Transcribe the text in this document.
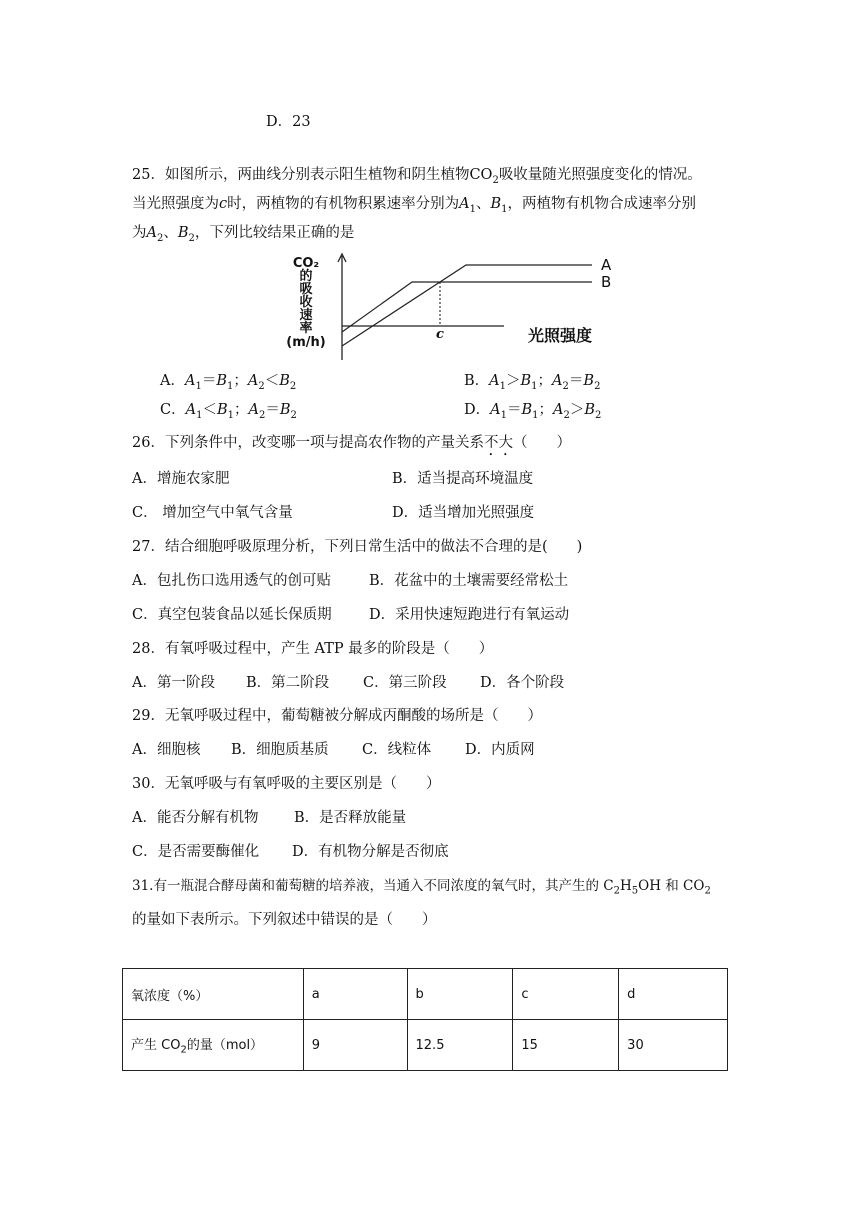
D．23
25．如图所示，两曲线分别表示阳生植物和阴生植物$CO_2$吸收量随光照强度变化的情况。
当光照强度为c时，两植物的有机物积累速率分别为$A_1$、$B_1$，两植物有机物合成速率分别
为$A_2$、$B_2$，下列比较结果正确的是
CO₂
的
吸
收
速
率
(m/h)	光照强度
A
B
c
A．$A_1=B_1$；$A_2<B_2$	B．$A_1>B_1$；$A_2=B_2$
C．$A_1<B_1$；$A_2=B_2$	D．$A_1=B_1$；$A_2>B_2$
26．下列条件中，改变哪一项与提高农作物的产量关系不大（　　）
A．增施农家肥	B．适当提高环境温度
C． 增加空气中氧气含量	D．适当增加光照强度
27．结合细胞呼吸原理分析，下列日常生活中的做法不合理的是(　　)
A．包扎伤口选用透气的创可贴	B．花盆中的土壤需要经常松土
C．真空包装食品以延长保质期	D．采用快速短跑进行有氧运动
28．有氧呼吸过程中，产生 ATP 最多的阶段是（　　）
A．第一阶段 B．第二阶段 C．第三阶段 D．各个阶段
29．无氧呼吸过程中，葡萄糖被分解成丙酮酸的场所是（　　）
A．细胞核 B．细胞质基质 C．线粒体 D．内质网
30．无氧呼吸与有氧呼吸的主要区别是（　　）
A．能否分解有机物 B．是否释放能量
C．是否需要酶催化 D．有机物分解是否彻底
31.有一瓶混合酵母菌和葡萄糖的培养液，当通入不同浓度的氧气时，其产生的 $C_2H_5OH$ 和 $CO_2$
的量如下表所示。下列叙述中错误的是（　　）
氧浓度（%）	a	b	c	d
产生 $CO_2$的量（mol）	9	12.5	15	30
